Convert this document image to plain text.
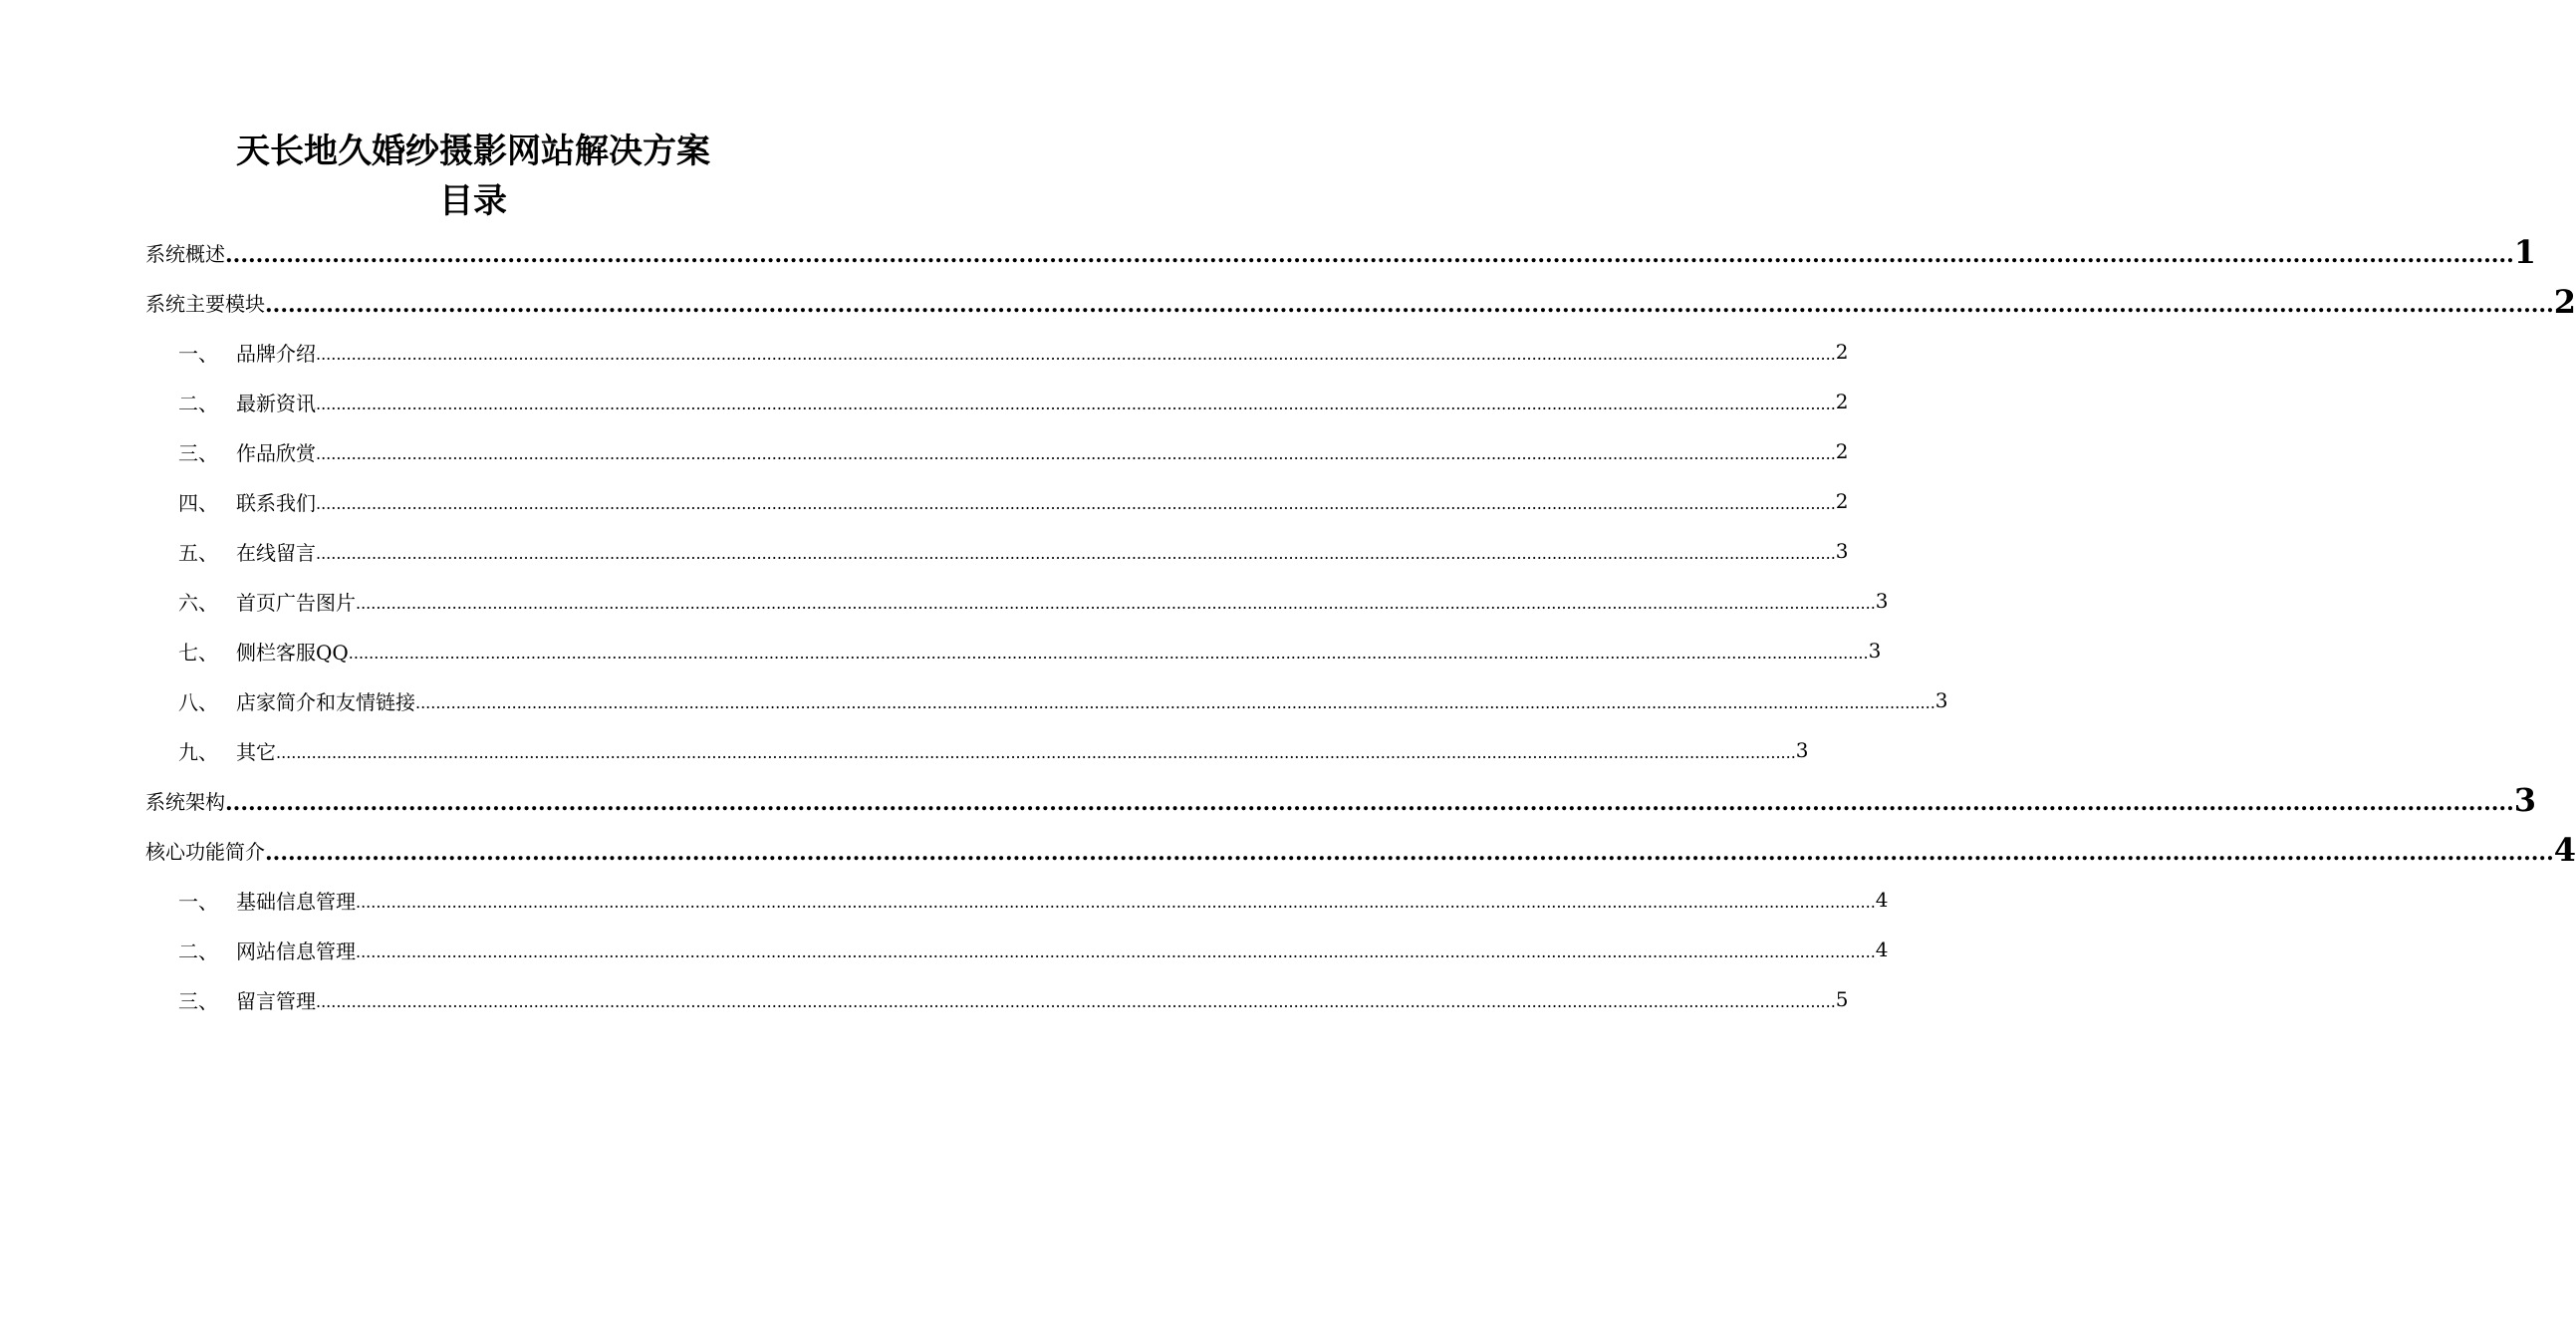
天长地久婚纱摄影网站解决方案
目录
系统概述 ............................................................................................................................................................................................................................................................................................................ 1
系统主要模块 ............................................................................................................................................................................................................................................................................................................ 2
一、 品牌介绍 ............................................................................................................................................................................................................................................................................................................ 2
二、 最新资讯 ............................................................................................................................................................................................................................................................................................................ 2
三、 作品欣赏 ............................................................................................................................................................................................................................................................................................................ 2
四、 联系我们 ............................................................................................................................................................................................................................................................................................................ 2
五、 在线留言 ............................................................................................................................................................................................................................................................................................................ 3
六、 首页广告图片 ............................................................................................................................................................................................................................................................................................................ 3
七、 侧栏客服QQ ............................................................................................................................................................................................................................................................................................................ 3
八、 店家简介和友情链接 ............................................................................................................................................................................................................................................................................................................ 3
九、 其它 ............................................................................................................................................................................................................................................................................................................ 3
系统架构 ............................................................................................................................................................................................................................................................................................................ 3
核心功能简介 ............................................................................................................................................................................................................................................................................................................ 4
一、 基础信息管理 ............................................................................................................................................................................................................................................................................................................ 4
二、 网站信息管理 ............................................................................................................................................................................................................................................................................................................ 4
三、 留言管理 ............................................................................................................................................................................................................................................................................................................ 5
